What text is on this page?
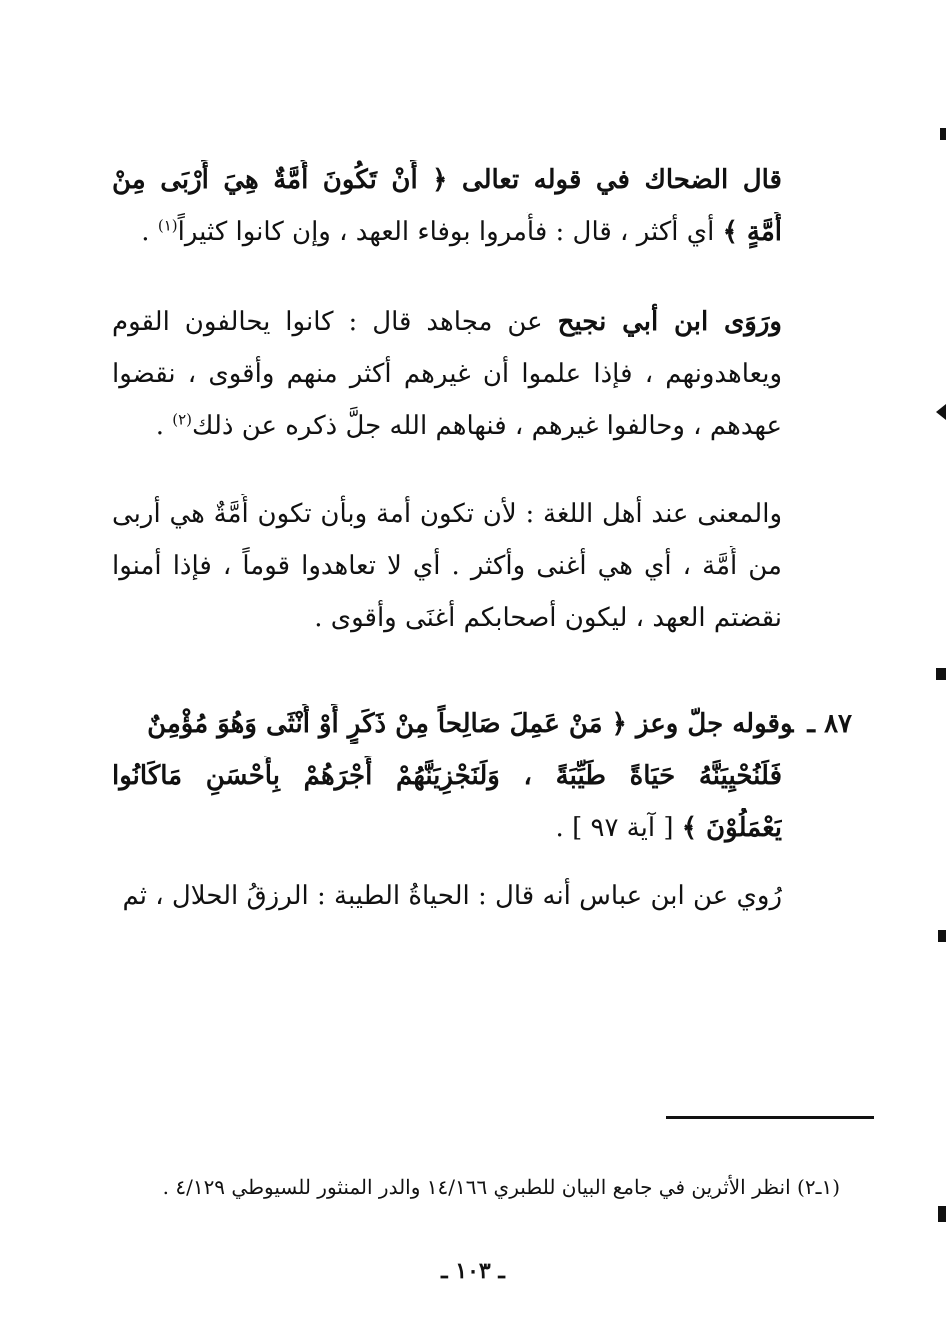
قال الضحاك في قوله تعالى ﴿ أَنْ تَكُونَ أُمَّةٌ هِيَ أَرْبَى مِنْ
أُمَّةٍ ﴾ أي أكثر ، قال : فأُمروا بوفاء العهد ، وإن كانوا كثيراً$^{(١)}$ .
ورَوَى ابن أبي نجيح عن مجاهد قال : كانوا يحالفون القوم
ويعاهدونهم ، فإذا علموا أن غيرهم أكثر منهم وأقوى ، نقضوا
عهدهم ، وحالفوا غيرهم ، فنهاهم الله جلَّ ذكره عن ذلك$^{(٢)}$ .
والمعنى عند أهل اللغة : لأن تكون أمة وبأن تكون أُمَّةٌ هي أربى
من أُمَّة ، أي هي أغنى وأكثر . أي لا تعاهدوا قوماً ، فإذا أمنوا
نقضتم العهد ، ليكون أصحابكم أغنَى وأقوى .
٨٧ ـوقوله جلّ وعز ﴿ مَنْ عَمِلَ صَالِحاً مِنْ ذَكَرٍ أَوْ أُنْثَى وَهُوَ مُؤْمِنٌ
فَلَنُحْيِيَنَّهُ حَيَاةً طَيِّبَةً ، وَلَنَجْزِيَنَّهُمْ أَجْرَهُمْ بِأَحْسَنِ مَاكَانُوا
يَعْمَلُوْنَ ﴾ [ آية ٩٧ ] .
رُوي عن ابن عباس أنه قال : الحياةُ الطيبة : الرزقُ الحلال ، ثم
(١ـ٢) انظر الأثرين في جامع البيان للطبري ١٤/١٦٦ والدر المنثور للسيوطي ٤/١٢٩ .
ـ ١٠٣ ـ
